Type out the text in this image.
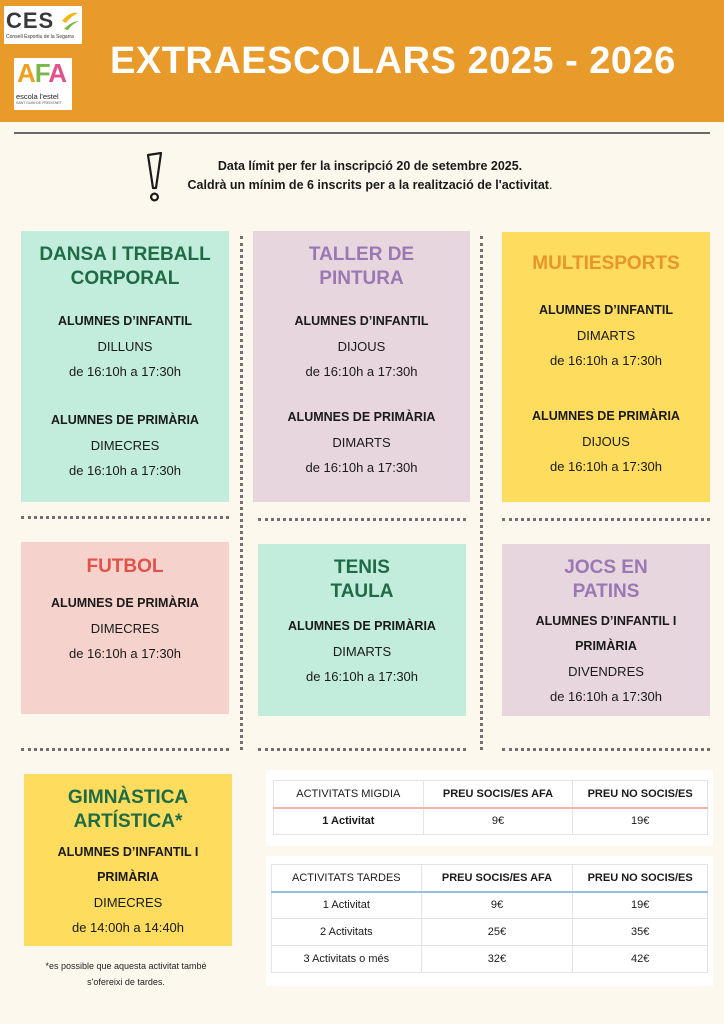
CES
Consell Esportiu de la Segarra
AFA
escola l'estel
SANT GUIM DE FREIXENET
EXTRAESCOLARS 2025 - 2026
Data límit per fer la inscripció 20 de setembre 2025.
Caldrà un mínim de 6 inscrits per a la realització de l'activitat.
DANSA I TREBALL
CORPORAL
ALUMNES D’INFANTIL
DILLUNS
de 16:10h a 17:30h
ALUMNES DE PRIMÀRIA
DIMECRES
de 16:10h a 17:30h
TALLER DE
PINTURA
ALUMNES D’INFANTIL
DIJOUS
de 16:10h a 17:30h
ALUMNES DE PRIMÀRIA
DIMARTS
de 16:10h a 17:30h
MULTIESPORTS
ALUMNES D’INFANTIL
DIMARTS
de 16:10h a 17:30h
ALUMNES DE PRIMÀRIA
DIJOUS
de 16:10h a 17:30h
FUTBOL
ALUMNES DE PRIMÀRIA
DIMECRES
de 16:10h a 17:30h
TENIS
TAULA
ALUMNES DE PRIMÀRIA
DIMARTS
de 16:10h a 17:30h
JOCS EN
PATINS
ALUMNES D’INFANTIL I
PRIMÀRIA
DIVENDRES
de 16:10h a 17:30h
GIMNÀSTICA
ARTÍSTICA*
ALUMNES D’INFANTIL I
PRIMÀRIA
DIMECRES
de 14:00h a 14:40h
*es possible que aquesta activitat també
s'ofereixi de tardes.
ACTIVITATS MIGDIA	PREU SOCIS/ES AFA	PREU NO SOCIS/ES
1 Activitat	9€	19€
ACTIVITATS TARDES	PREU SOCIS/ES AFA	PREU NO SOCIS/ES
1 Activitat	9€	19€
2 Activitats	25€	35€
3 Activitats o més	32€	42€
